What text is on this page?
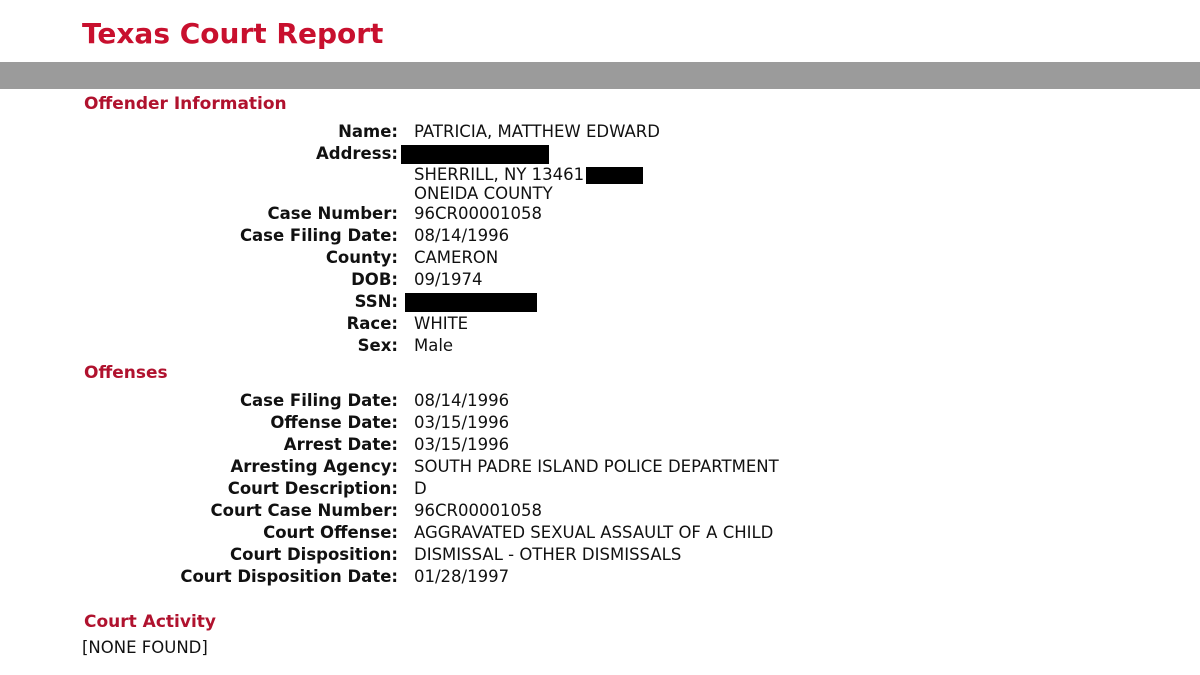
Texas Court Report
Offender Information
Name: PATRICIA, MATTHEW EDWARD
Address:
SHERRILL, NY 13461
ONEIDA COUNTY
Case Number: 96CR00001058
Case Filing Date: 08/14/1996
County: CAMERON
DOB: 09/1974
SSN:
Race: WHITE
Sex: Male
Offenses
Case Filing Date: 08/14/1996
Offense Date: 03/15/1996
Arrest Date: 03/15/1996
Arresting Agency: SOUTH PADRE ISLAND POLICE DEPARTMENT
Court Description: D
Court Case Number: 96CR00001058
Court Offense: AGGRAVATED SEXUAL ASSAULT OF A CHILD
Court Disposition: DISMISSAL - OTHER DISMISSALS
Court Disposition Date: 01/28/1997
Court Activity
[NONE FOUND]
